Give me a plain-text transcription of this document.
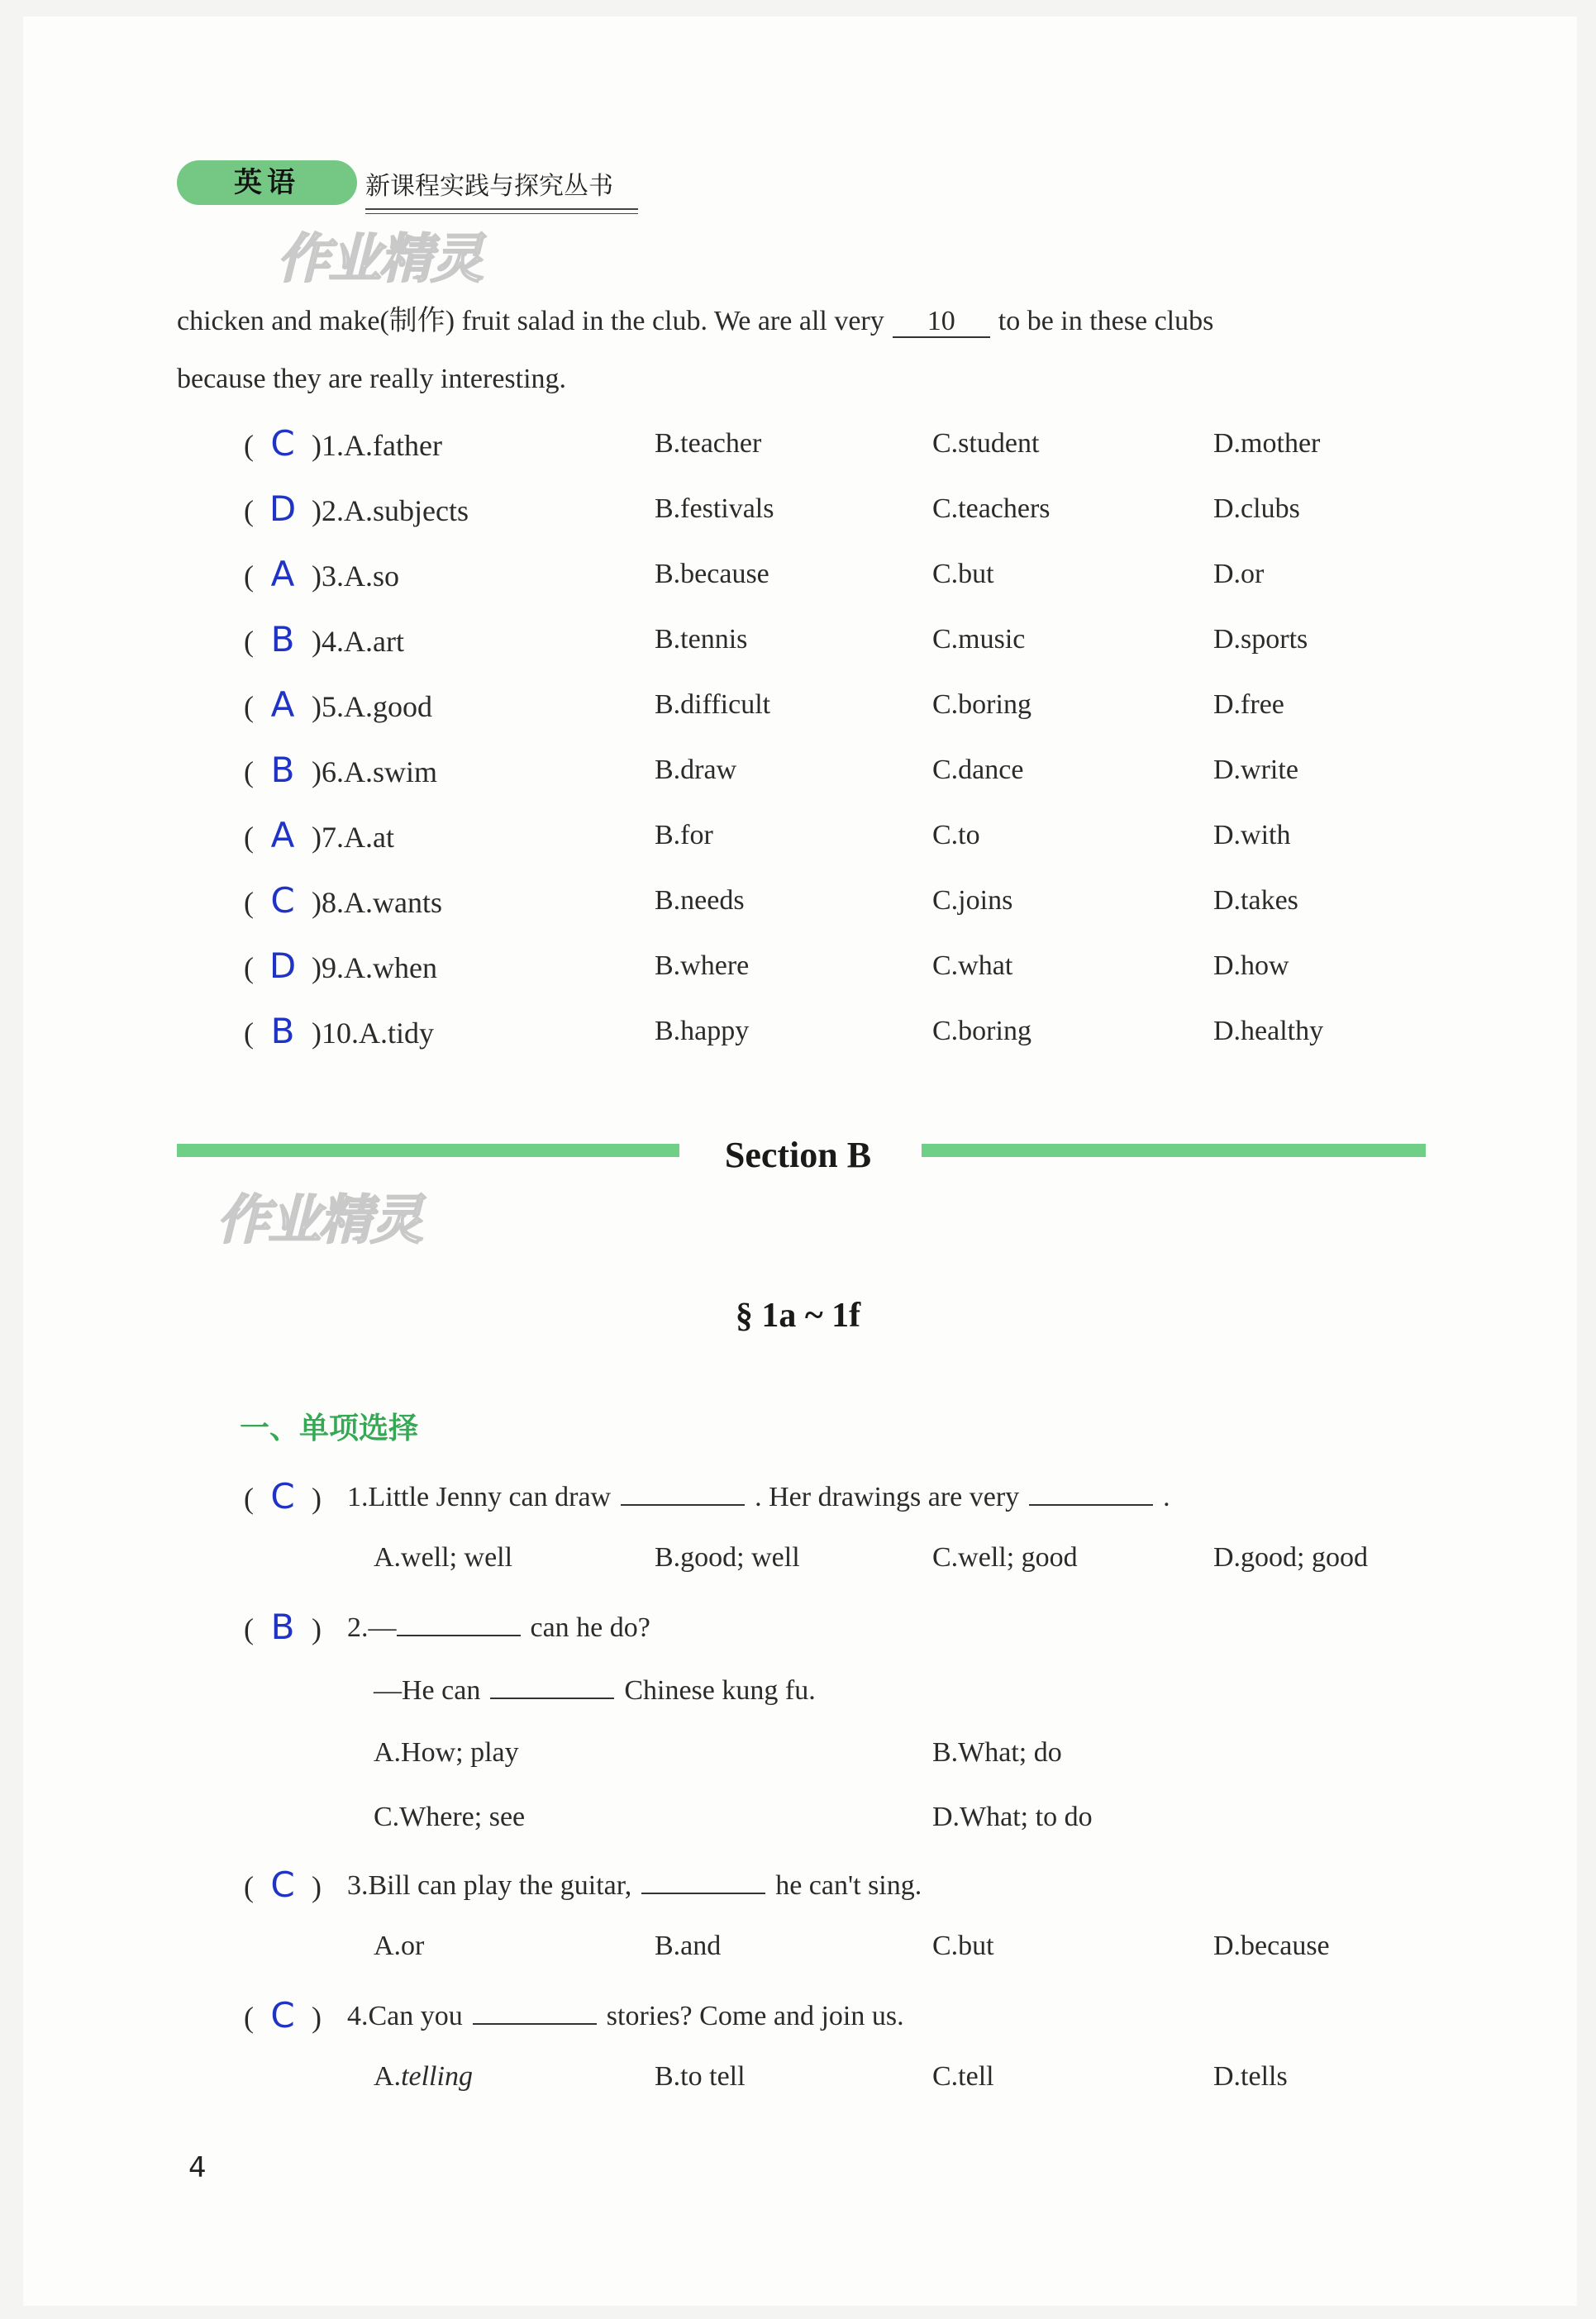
英语	新课程实践与探究丛书
作业精灵
chicken and make(制作) fruit salad in the club. We are all very 10 to be in these clubs
because they are really interesting.
( C )1.A.father	B.teacher	C.student	D.mother
( D )2.A.subjects	B.festivals	C.teachers	D.clubs
( A )3.A.so	B.because	C.but	D.or
( B )4.A.art	B.tennis	C.music	D.sports
( A )5.A.good	B.difficult	C.boring	D.free
( B )6.A.swim	B.draw	C.dance	D.write
( A )7.A.at	B.for	C.to	D.with
( C )8.A.wants	B.needs	C.joins	D.takes
( D )9.A.when	B.where	C.what	D.how
( B )10.A.tidy	B.happy	C.boring	D.healthy
Section B
作业精灵
§ 1a ~ 1f
一、单项选择
( C ) 1.Little Jenny can draw	. Her drawings are very	.
A.well; well	B.good; well	C.well; good	D.good; good
( B ) 2.—	can he do?
—He can	Chinese kung fu.
A.How; play	B.What; do
C.Where; see	D.What; to do
( C ) 3.Bill can play the guitar,	he can't sing.
A.or	B.and	C.but	D.because
( C ) 4.Can you	stories? Come and join us.
A.telling	B.to tell	C.tell	D.tells
4
